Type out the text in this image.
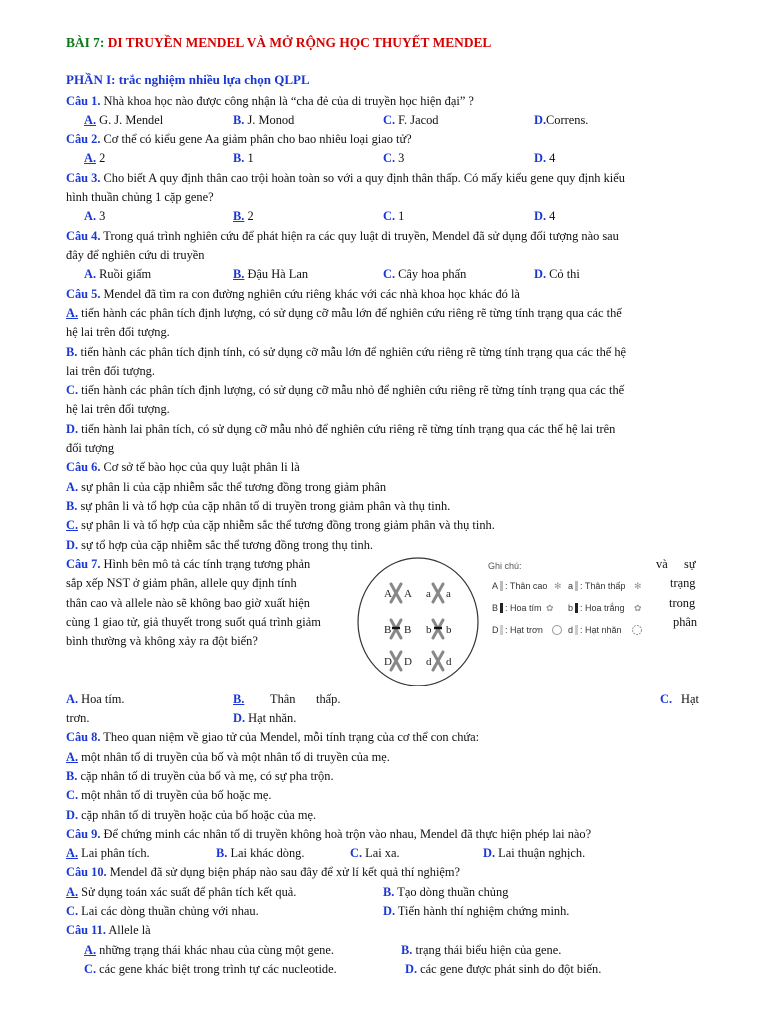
BÀI 7: DI TRUYỀN MENDEL VÀ MỞ RỘNG HỌC THUYẾT MENDEL
PHẦN I: trắc nghiệm nhiều lựa chọn QLPL
Câu 1. Nhà khoa học nào được công nhận là “cha đẻ của di truyền học hiện đại” ?
A. G. J. Mendel	B. J. Monod	C. F. Jacod	D.Correns.
Câu 2. Cơ thể có kiểu gene Aa giảm phân cho bao nhiêu loại giao tử?
A. 2	B. 1	C. 3	D. 4
Câu 3. Cho biết A quy định thân cao trội hoàn toàn so với a quy định thân thấp. Có mấy kiểu gene quy định kiểu
hình thuần chủng 1 cặp gene?
A. 3	B. 2	C. 1	D. 4
Câu 4. Trong quá trình nghiên cứu để phát hiện ra các quy luật di truyền, Mendel đã sử dụng đối tượng nào sau
đây để nghiên cứu di truyền
A. Ruồi giấm	B. Đậu Hà Lan	C. Cây hoa phấn	D. Cỏ thi
Câu 5. Mendel đã tìm ra con đường nghiên cứu riêng khác với các nhà khoa học khác đó là
A. tiến hành các phân tích định lượng, có sử dụng cỡ mẫu lớn để nghiên cứu riêng rẽ từng tính trạng qua các thế
hệ lai trên đối tượng.
B. tiến hành các phân tích định tính, có sử dụng cỡ mẫu lớn để nghiên cứu riêng rẽ từng tính trạng qua các thế hệ
lai trên đối tượng.
C. tiến hành các phân tích định lượng, có sử dụng cỡ mẫu nhỏ để nghiên cứu riêng rẽ từng tính trạng qua các thế
hệ lai trên đối tượng.
D. tiến hành lai phân tích, có sử dụng cỡ mẫu nhỏ để nghiên cứu riêng rẽ từng tính trạng qua các thế hệ lai trên
đối tượng
Câu 6. Cơ sở tế bào học của quy luật phân li là
A. sự phân li của cặp nhiễm sắc thể tương đồng trong giảm phân
B. sự phân li và tổ hợp của cặp nhân tố di truyền trong giảm phân và thụ tinh.
C. sự phân li và tổ hợp của cặp nhiễm sắc thể tương đồng trong giảm phân và thụ tinh.
D. sự tổ hợp của cặp nhiễm sắc thể tương đồng trong thụ tinh.
Câu 7. Hình bên mô tả các tính trạng tương phản
sắp xếp NST ở giảm phân, allele quy định tính
thân cao và allele nào sẽ không bao giờ xuất hiện
cùng 1 giao tử, giả thuyết trong suốt quá trình giảm
bình thường và không xảy ra đột biến?
và sự
trạng
trong
phân
A A a a
B B b b
D D d d
Ghi chú:
A : Thân cao ✻ a : Thân thấp ✻
B : Hoa tím ✿ b : Hoa trắng ✿
D : Hạt trơn	d : Hạt nhăn
A. Hoa tím.	B. Thân thấp.	C. Hạt
trơn.	D. Hạt nhăn.
Câu 8. Theo quan niệm về giao tử của Mendel, mỗi tính trạng của cơ thể con chứa:
A. một nhân tố di truyền của bố và một nhân tố di truyền của mẹ.
B. cặp nhân tố di truyền của bố và mẹ, có sự pha trộn.
C. một nhân tố di truyền của bố hoặc mẹ.
D. cặp nhân tố di truyền hoặc của bố hoặc của mẹ.
Câu 9. Để chứng minh các nhân tố di truyền không hoà trộn vào nhau, Mendel đã thực hiện phép lai nào?
A. Lai phân tích.	B. Lai khác dòng.	C. Lai xa.	D. Lai thuận nghịch.
Câu 10. Mendel đã sử dụng biện pháp nào sau đây để xử lí kết quả thí nghiệm?
A. Sử dụng toán xác suất để phân tích kết quả.	B. Tạo dòng thuần chủng
C. Lai các dòng thuần chủng với nhau.	D. Tiến hành thí nghiệm chứng minh.
Câu 11. Allele là
A. những trạng thái khác nhau của cùng một gene.	B. trạng thái biểu hiện của gene.
C. các gene khác biệt trong trình tự các nucleotide.	D. các gene được phát sinh do đột biến.
